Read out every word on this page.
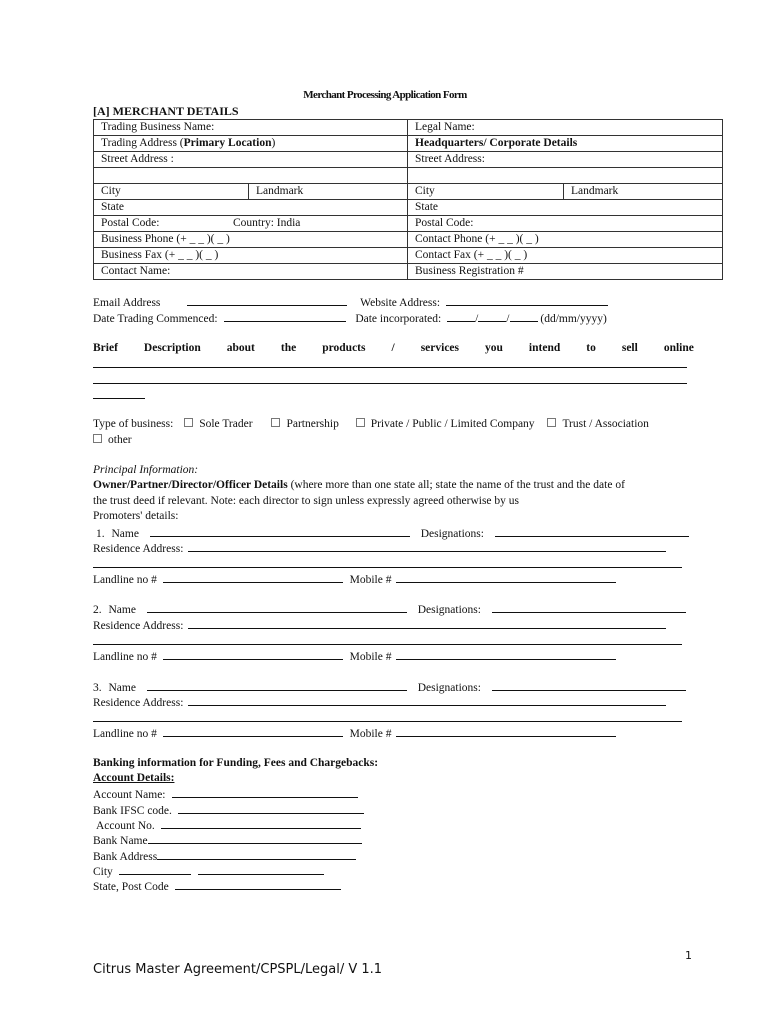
Merchant Processing Application Form
[A] MERCHANT DETAILS
Trading Business Name:		Legal Name:	
Trading Address (Primary Location)		Headquarters/ Corporate Details	
Street Address :		Street Address:	

City	Landmark	City	Landmark
State		State	
Postal Code: Country: India		Postal Code:	
Business Phone (+ _ _ )( _ )		Contact Phone (+ _ _ )( _ )	
Business Fax (+ _ _ )( _ )		Contact Fax (+ _ _ )( _ )	
Contact Name:		Business Registration #	
Email Address	Website Address:
Date Trading Commenced:	Date incorporated:	/ /	(dd/mm/yyyy)
Brief Description about the products / services you intend to sell online
Type of business: Sole Trader	Partnership	Private / Public / Limited Company Trust / Association
other
Principal Information:
Owner/Partner/Director/Officer Details (where more than one state all; state the name of the trust and the date of
the trust deed if relevant. Note: each director to sign unless expressly agreed otherwise by us
Promoters' details:
1. Name	Designations:
Residence Address:
Landline no #	Mobile #
2. Name	Designations:
Residence Address:
Landline no #	Mobile #
3. Name	Designations:
Residence Address:
Landline no #	Mobile #
Banking information for Funding, Fees and Chargebacks:
Account Details:
Account Name:
Bank IFSC code.
Account No.
Bank Name
Bank Address
City
State, Post Code
1
Citrus Master Agreement/CPSPL/Legal/ V 1.1
